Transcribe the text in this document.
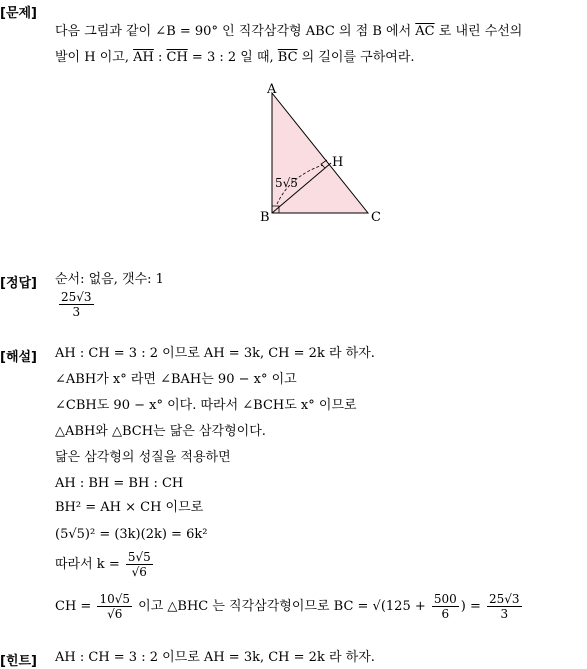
[문제]
다음 그림과 같이 ∠B = 90° 인 직각삼각형 ABC 의 점 B 에서 $\overline{AC}$ 로 내린 수선의
발이 H 이고, $\overline{AH}$ : $\overline{CH} = 3$ : 2 일 때, $\overline{BC}$ 의 길이를 구하여라.
A
B	C
H
5√5
[정답] 순서: 없음, 갯수: 1
$\frac{25√3}{3}$
[해설] AH : CH = 3 : 2 이므로 AH = 3k, CH = 2k 라 하자.
∠ABH가 x° 라면 ∠BAH는 90 − x° 이고
∠CBH도 90 − x° 이다. 따라서 ∠BCH도 x° 이므로
△ABH와 △BCH는 닮은 삼각형이다.
닮은 삼각형의 성질을 적용하면
AH : BH = BH : CH
BH² = AH × CH 이므로
(5√5)² = (3k)(2k) = 6k²
따라서 $k = \frac{5√5}{√6}$
CH = $\frac{10√5}{√6}$ 이고 △BHC 는 직각삼각형이므로 BC = $√(125 + \frac{500}{6}$ ) = $\frac{25√3}{3}$
[힌트] AH : CH = 3 : 2 이므로 AH = 3k, CH = 2k 라 하자.
